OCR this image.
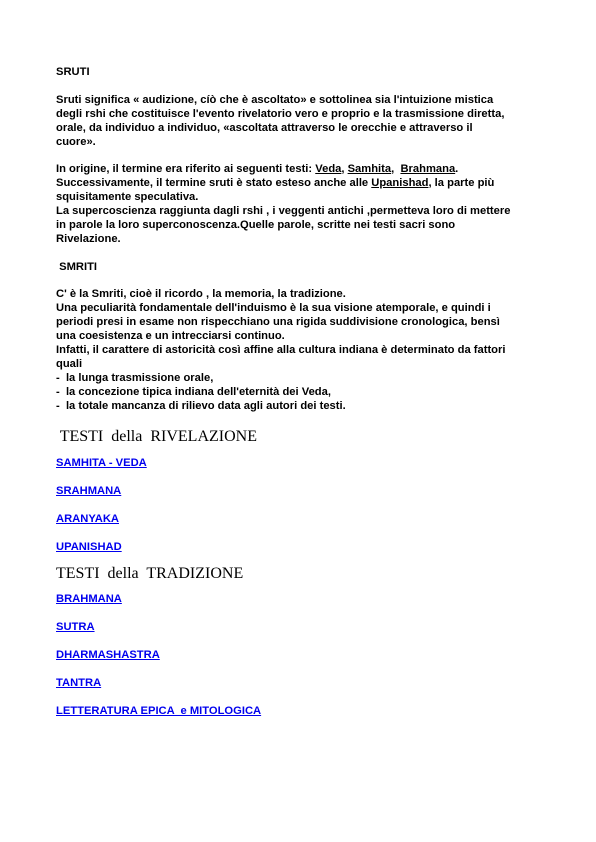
SRUTI

Sruti significa « audizione, cíò che è ascoltato» e sottolinea sia l'intuizione mistica

degli rshi che costituisce l'evento rivelatorio vero e proprio e la trasmissione diretta,

orale, da individuo a individuo, «ascoltata attraverso le orecchie e attraverso il

cuore».

In origine, il termine era riferito ai seguenti testi: Veda, Samhita,  Brahmana.

Successivamente, il termine sruti è stato esteso anche alle Upanishad, la parte più

squisitamente speculativa.

La supercoscienza raggiunta dagli rshi , i veggenti antichi ,permetteva loro di mettere

in parole la loro superconoscenza.Quelle parole, scritte nei testi sacri sono

Rivelazione.

SMRITI

C' è la Smriti, cioè il ricordo , la memoria, la tradizione.

Una peculiarità fondamentale dell'induismo è la sua visione atemporale, e quindi i

periodi presi in esame non rispecchiano una rigida suddivisione cronologica, bensì

una coesistenza e un intrecciarsi continuo.

Infatti, il carattere di astoricità così affine alla cultura indiana è determinato da fattori

quali

-  la lunga trasmissione orale,

-  la concezione tipica indiana dell'eternità dei Veda,

-  la totale mancanza di rilievo data agli autori dei testi.

TESTI  della  RIVELAZIONE
SAMHITA - VEDA
SRAHMANA
ARANYAKA
UPANISHAD
TESTI  della  TRADIZIONE
BRAHMANA
SUTRA
DHARMASHASTRA
TANTRA
LETTERATURA EPICA  e MITOLOGICA
